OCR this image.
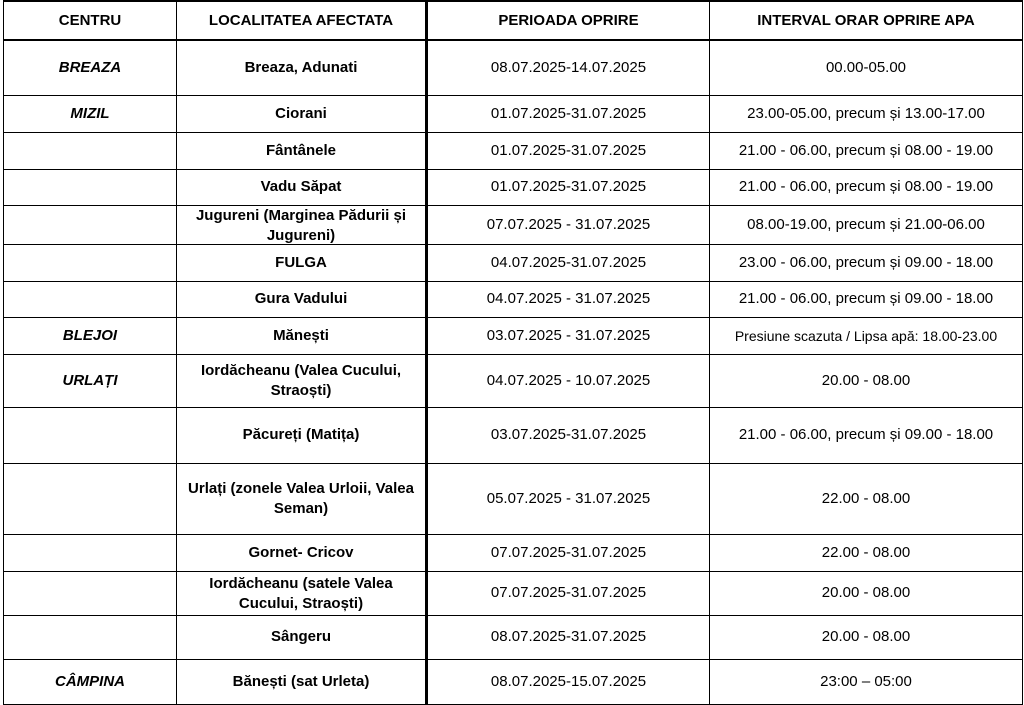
CENTRU	LOCALITATEA AFECTATA	PERIOADA OPRIRE	INTERVAL ORAR OPRIRE APA
BREAZA	Breaza, Adunati	08.07.2025-14.07.2025	00.00-05.00
MIZIL	Ciorani	01.07.2025-31.07.2025	23.00-05.00, precum și 13.00-17.00
	Fântânele	01.07.2025-31.07.2025	21.00 - 06.00, precum și 08.00 - 19.00
	Vadu Săpat	01.07.2025-31.07.2025	21.00 - 06.00, precum și 08.00 - 19.00

	Jugureni (Marginea Pădurii și Jugureni)	07.07.2025 - 31.07.2025	08.00-19.00, precum și 21.00-06.00
	FULGA	04.07.2025-31.07.2025	23.00 - 06.00, precum și 09.00 - 18.00
	Gura Vadului	04.07.2025 - 31.07.2025	21.00 - 06.00, precum și 09.00 - 18.00
BLEJOI	Mănești	03.07.2025 - 31.07.2025	Presiune scazuta / Lipsa apă: 18.00-23.00
URLAȚI	Iordăcheanu (Valea Cucului, Straoști)	04.07.2025 - 10.07.2025	20.00 - 08.00
	Păcureți (Matița)	03.07.2025-31.07.2025	21.00 - 06.00, precum și 09.00 - 18.00
	Urlați (zonele Valea Urloii, Valea Seman)	05.07.2025 - 31.07.2025	22.00 - 08.00
	Gornet- Cricov	07.07.2025-31.07.2025	22.00 - 08.00

	Iordăcheanu (satele Valea Cucului, Straoști)	07.07.2025-31.07.2025	20.00 - 08.00
	Sângeru	08.07.2025-31.07.2025	20.00 - 08.00
CÂMPINA	Bănești (sat Urleta)	08.07.2025-15.07.2025	23:00 – 05:00
